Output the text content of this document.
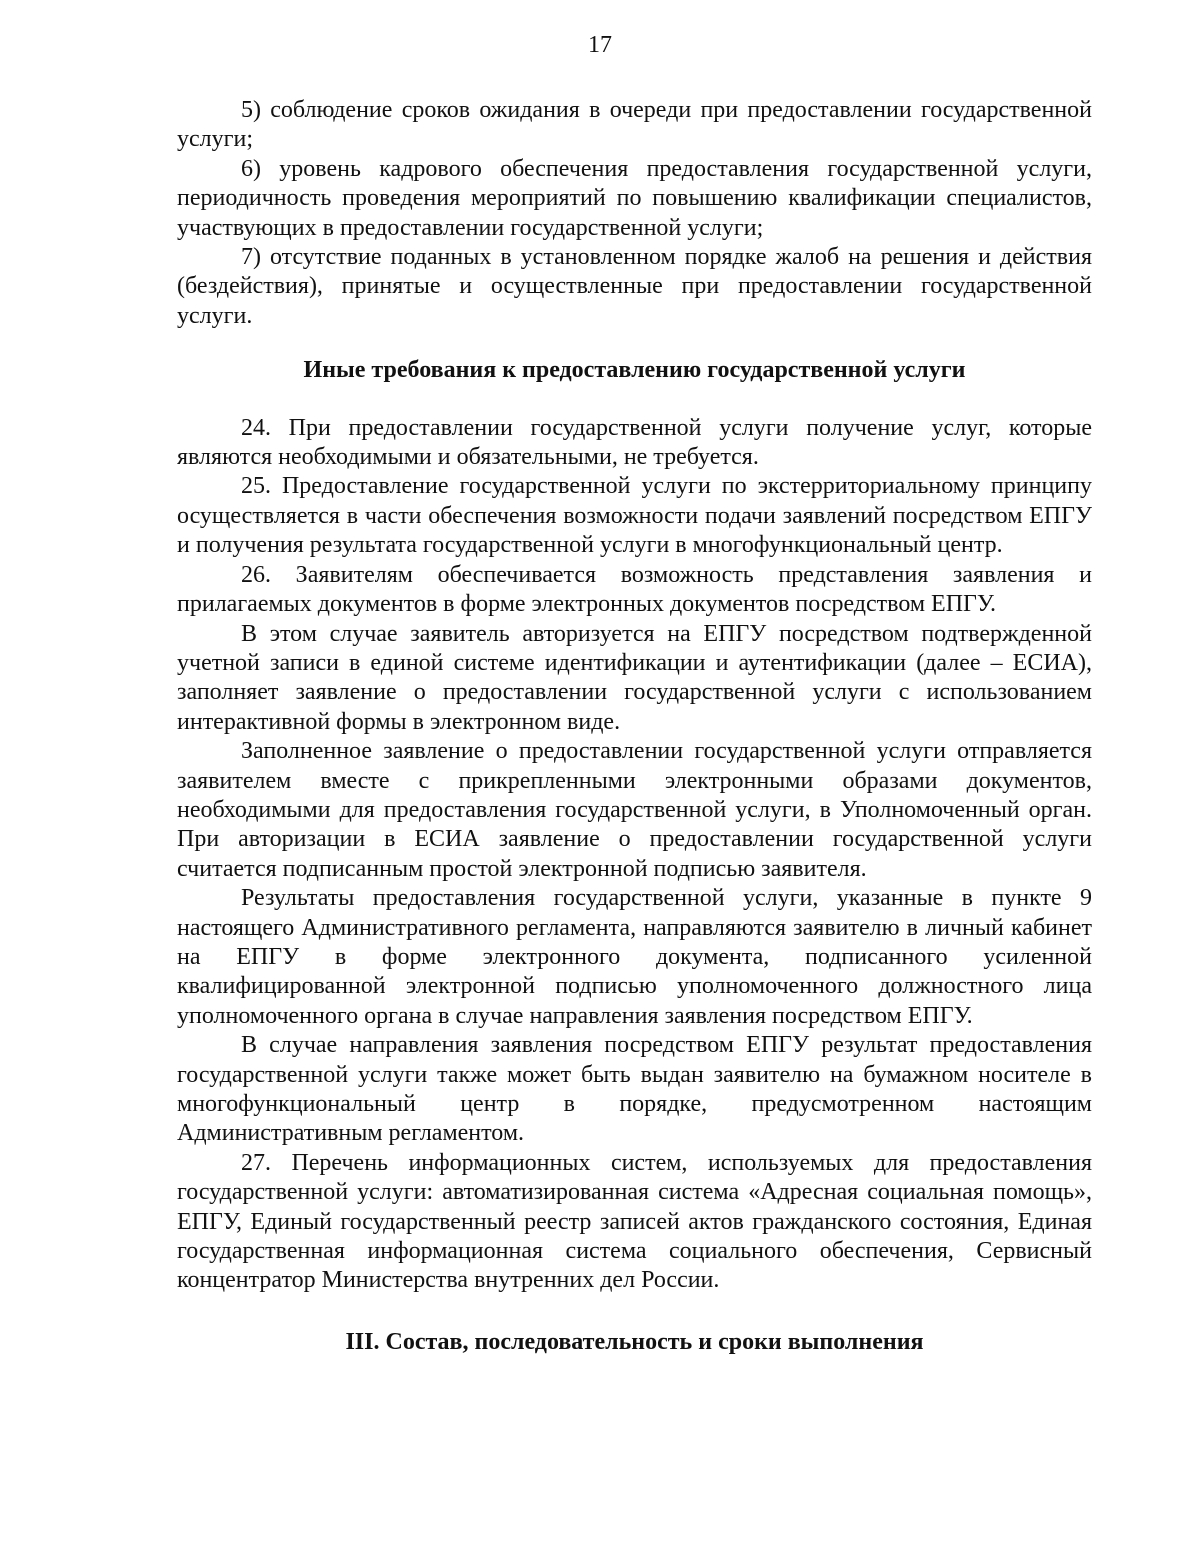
17

5) соблюдение сроков ожидания в очереди при предоставлении государственной услуги;

6) уровень кадрового обеспечения предоставления государственной услуги, периодичность проведения мероприятий по повышению квалификации специалистов, участвующих в предоставлении государственной услуги;

7) отсутствие поданных в установленном порядке жалоб на решения и действия (бездействия), принятые и осуществленные при предоставлении государственной услуги.

Иные требования к предоставлению государственной услуги

24. При предоставлении государственной услуги получение услуг, которые являются необходимыми и обязательными, не требуется.

25. Предоставление государственной услуги по экстерриториальному принципу осуществляется в части обеспечения возможности подачи заявлений посредством ЕПГУ и получения результата государственной услуги в многофункциональный центр.

26. Заявителям обеспечивается возможность представления заявления и прилагаемых документов в форме электронных документов посредством ЕПГУ.

В этом случае заявитель авторизуется на ЕПГУ посредством подтвержденной учетной записи в единой системе идентификации и аутентификации (далее – ЕСИА), заполняет заявление о предоставлении государственной услуги с использованием интерактивной формы в электронном виде.

Заполненное заявление о предоставлении государственной услуги отправляется заявителем вместе с прикрепленными электронными образами документов, необходимыми для предоставления государственной услуги, в Уполномоченный орган. При авторизации в ЕСИА заявление о предоставлении государственной услуги считается подписанным простой электронной подписью заявителя.

Результаты предоставления государственной услуги, указанные в пункте 9 настоящего Административного регламента, направляются заявителю в личный кабинет на ЕПГУ в форме электронного документа, подписанного усиленной квалифицированной электронной подписью уполномоченного должностного лица уполномоченного органа в случае направления заявления посредством ЕПГУ.

В случае направления заявления посредством ЕПГУ результат предоставления государственной услуги также может быть выдан заявителю на бумажном носителе в многофункциональный центр в порядке, предусмотренном настоящим Административным регламентом.

27. Перечень информационных систем, используемых для предоставления государственной услуги: автоматизированная система «Адресная социальная помощь», ЕПГУ, Единый государственный реестр записей актов гражданского состояния, Единая государственная информационная система социального обеспечения, Сервисный концентратор Министерства внутренних дел России.

III. Состав, последовательность и сроки выполнения
